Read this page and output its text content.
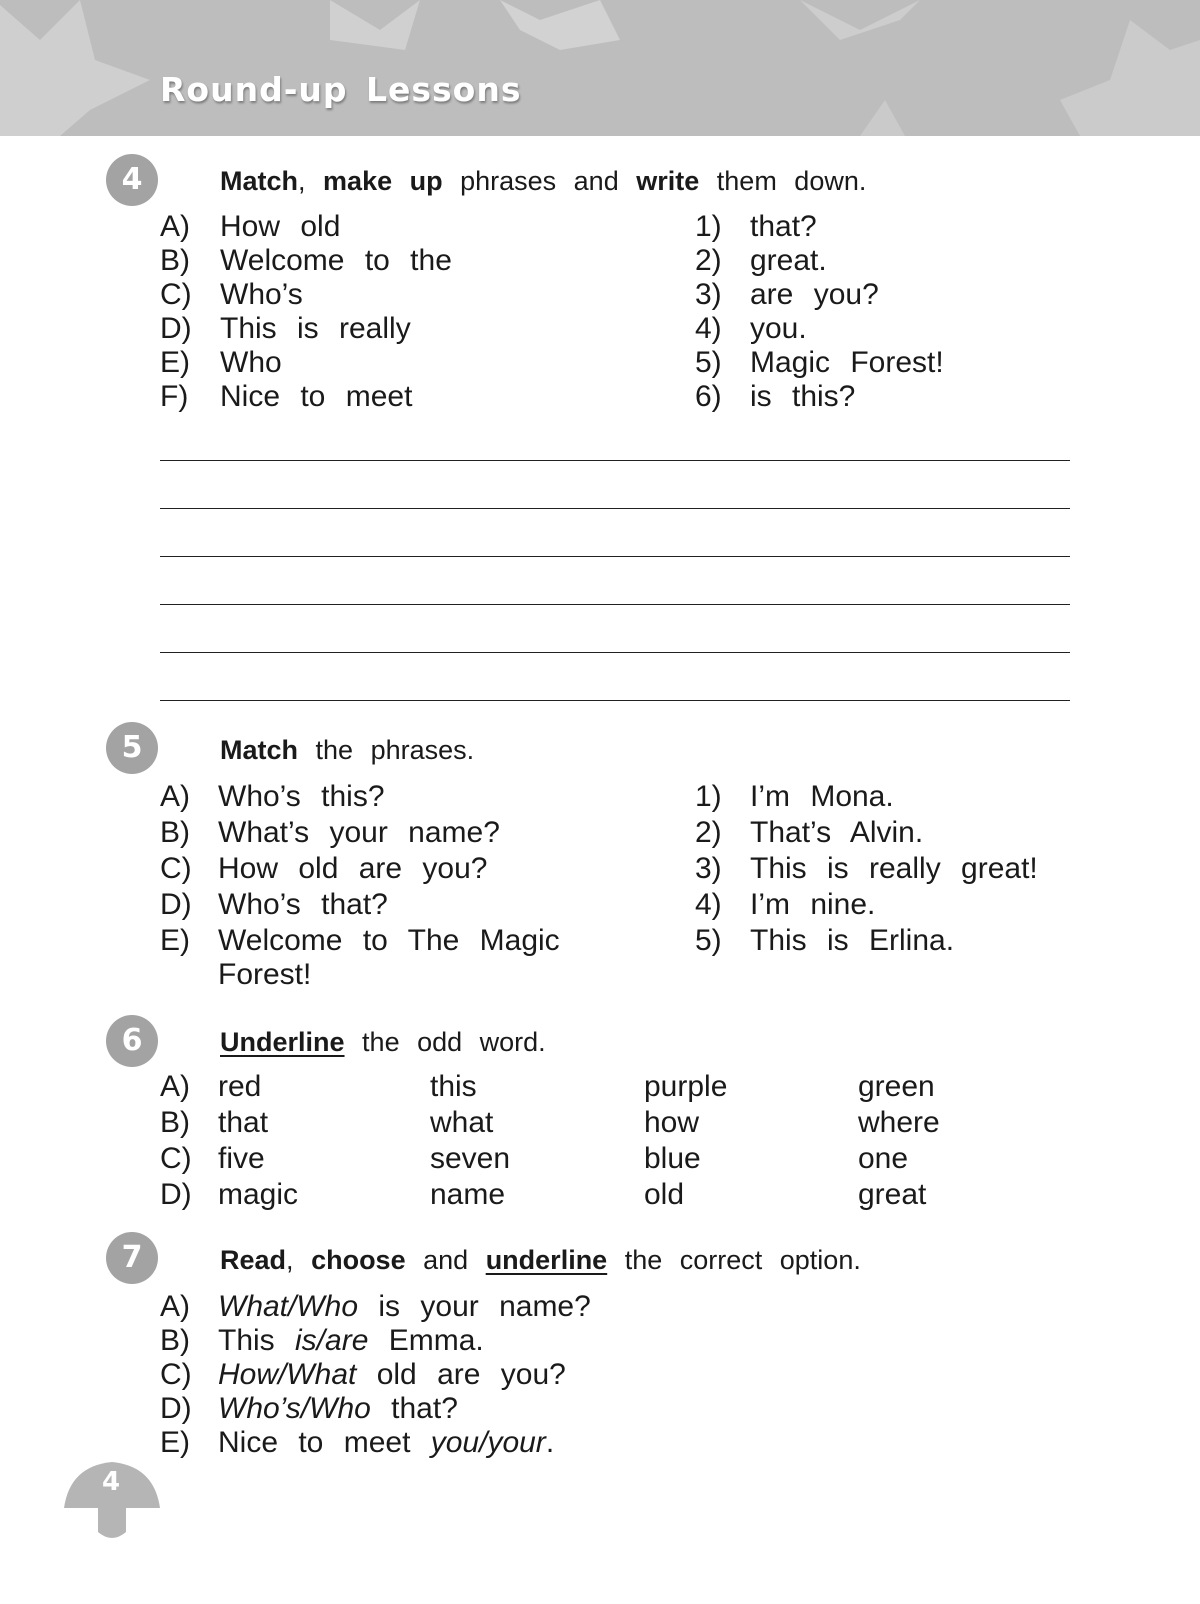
Round-up Lessons
4	Match, make up phrases and write them down.
A)	How old
B)	Welcome to the
C) Who’s
D) This is really
E)	Who
F)	Nice to meet
1) that?
2) great.
3) are you?
4) you.
5) Magic Forest!
6) is this?
5	Match the phrases.
A) Who’s this?
B) What’s your name?
C) How old are you?
D) Who’s that?
E) Welcome to The Magic
Forest!
1) I’m Mona.
2) That’s Alvin.
3) This is really great!
4) I’m nine.
5) This is Erlina.
6	Underline the odd word.
A) red	this	purple	green
B) that	what	how	where
C) five	seven	blue	one
D) magic	name	old	great
7	Read, choose and underline the correct option.
A) What/Who is your name?
B) This is/are Emma.
C) How/What old are you?
D) Who’s/Who that?
E) Nice to meet you/your.
4
